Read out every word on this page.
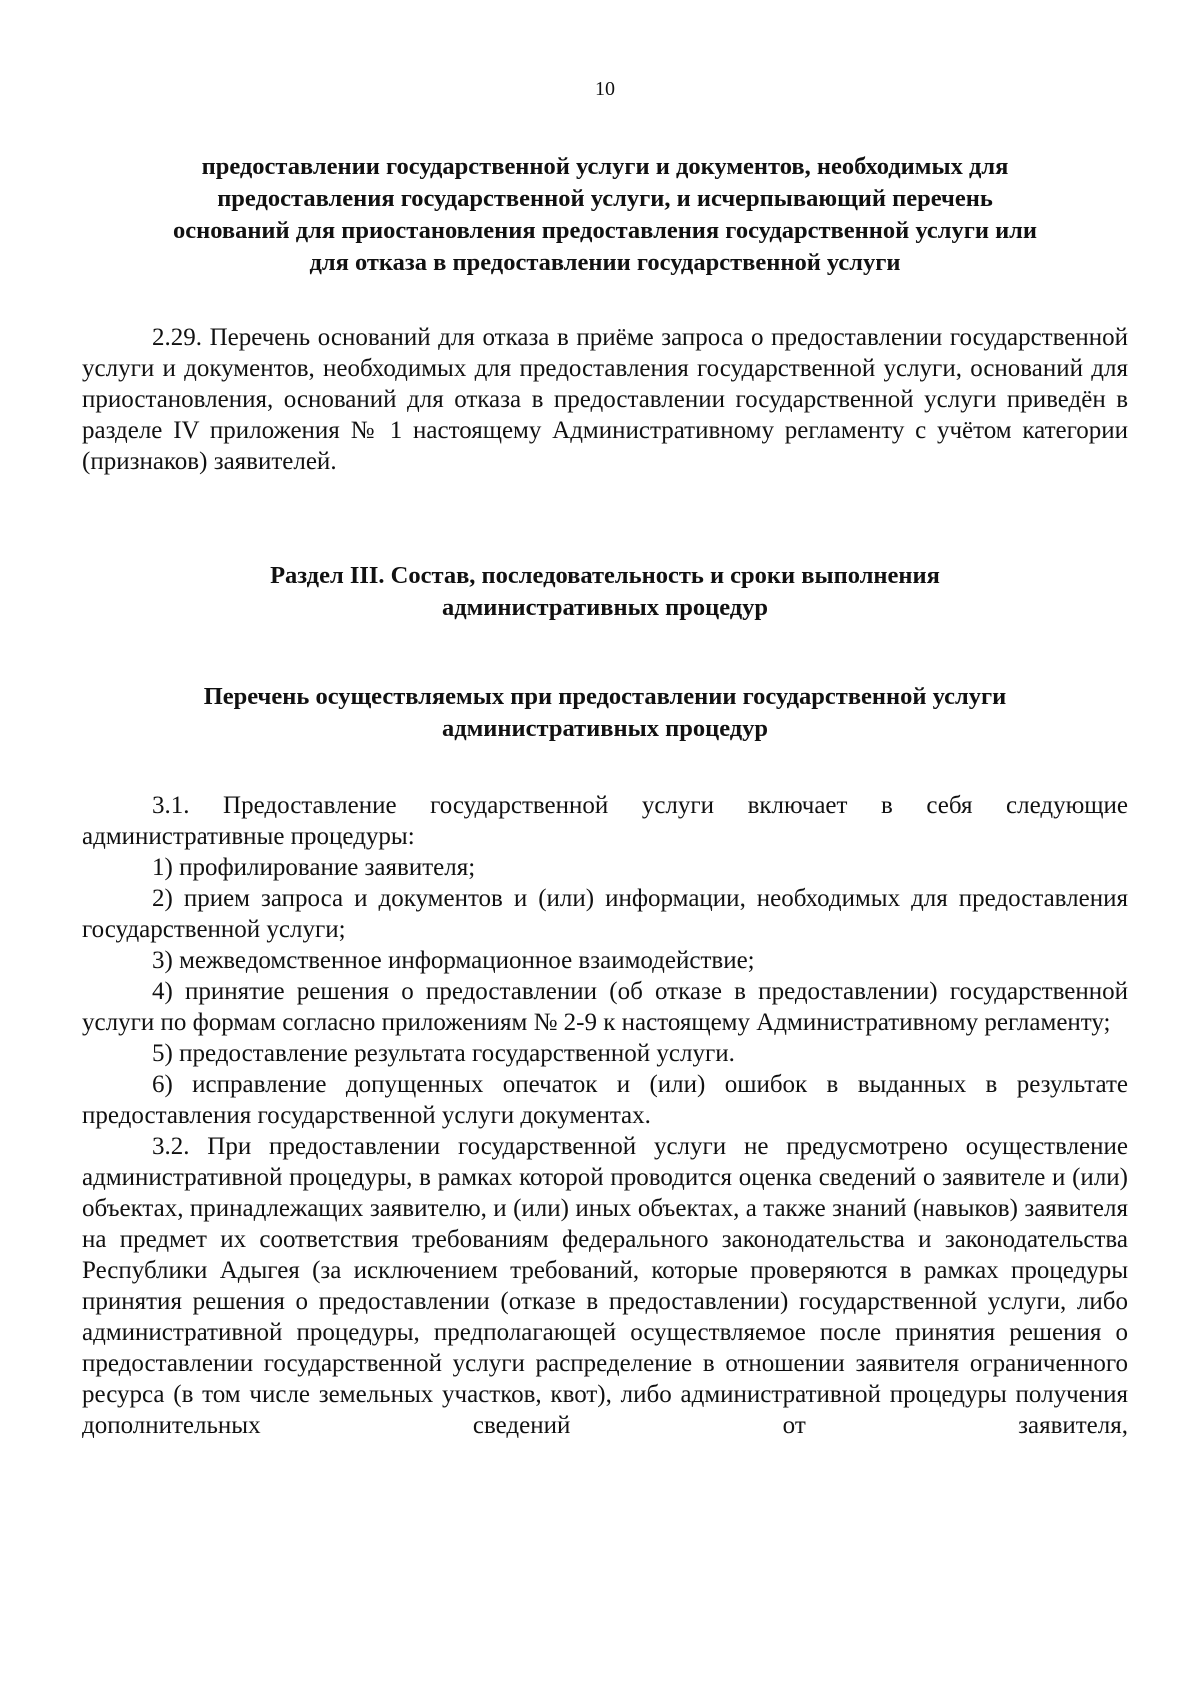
10
предоставлении государственной услуги и документов, необходимых для
предоставления государственной услуги, и исчерпывающий перечень
оснований для приостановления предоставления государственной услуги или
для отказа в предоставлении государственной услуги

2.29. Перечень оснований для отказа в приёме запроса о предоставлении государственной услуги и документов, необходимых для предоставления государственной услуги, оснований для приостановления, оснований для отказа в предоставлении государственной услуги приведён в разделе IV приложения № 1 настоящему Административному регламенту с учётом категории (признаков) заявителей.

Раздел III. Состав, последовательность и сроки выполнения
административных процедур
Перечень осуществляемых при предоставлении государственной услуги
административных процедур

3.1. Предоставление государственной услуги включает в себя следующие административные процедуры:

1) профилирование заявителя;

2) прием запроса и документов и (или) информации, необходимых для предоставления государственной услуги;

3) межведомственное информационное взаимодействие;

4) принятие решения о предоставлении (об отказе в предоставлении) государственной услуги по формам согласно приложениям № 2-9 к настоящему Административному регламенту;

5) предоставление результата государственной услуги.

6) исправление допущенных опечаток и (или) ошибок в выданных в результате предоставления государственной услуги документах.

3.2. При предоставлении государственной услуги не предусмотрено осуществление административной процедуры, в рамках которой проводится оценка сведений о заявителе и (или) объектах, принадлежащих заявителю, и (или) иных объектах, а также знаний (навыков) заявителя на предмет их соответствия требованиям федерального законодательства и законодательства Республики Адыгея (за исключением требований, которые проверяются в рамках процедуры принятия решения о предоставлении (отказе в предоставлении) государственной услуги, либо административной процедуры, предполагающей осуществляемое после принятия решения о предоставлении государственной услуги распределение в отношении заявителя ограниченного ресурса (в том числе земельных участков, квот), либо административной процедуры получения дополнительных сведений от заявителя,
